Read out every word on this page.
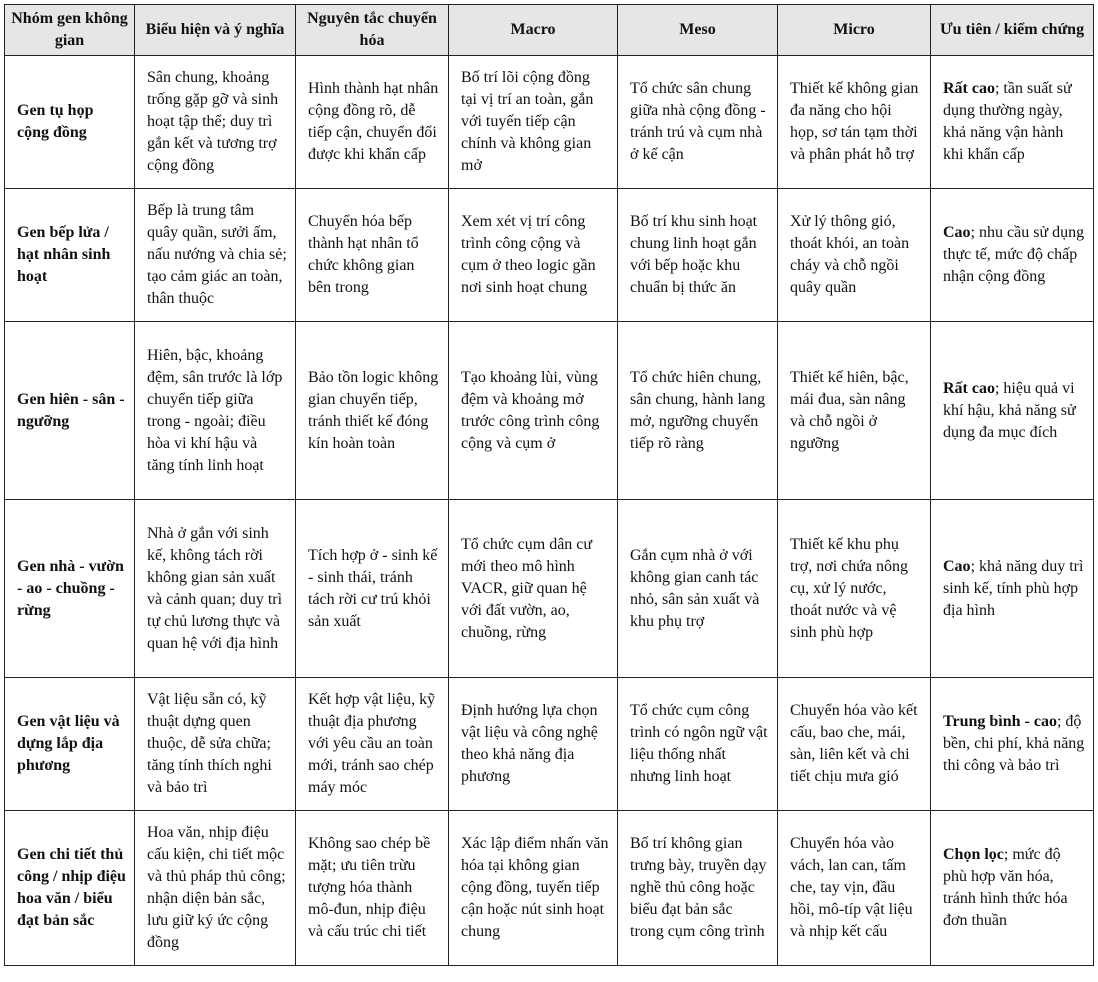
Nhóm gen không gian	Biểu hiện và ý nghĩa	Nguyên tắc chuyển hóa	Macro	Meso	Micro	Ưu tiên / kiểm chứng
Gen tụ họp cộng đồng	Sân chung, khoảng trống gặp gỡ và sinh hoạt tập thể; duy trì gắn kết và tương trợ cộng đồng	Hình thành hạt nhân cộng đồng rõ, dễ tiếp cận, chuyển đổi được khi khẩn cấp	Bố trí lõi cộng đồng tại vị trí an toàn, gắn với tuyến tiếp cận chính và không gian mở	Tổ chức sân chung giữa nhà cộng đồng - tránh trú và cụm nhà ở kế cận	Thiết kế không gian đa năng cho hội họp, sơ tán tạm thời và phân phát hỗ trợ	Rất cao; tần suất sử dụng thường ngày, khả năng vận hành khi khẩn cấp
Gen bếp lửa / hạt nhân sinh hoạt	Bếp là trung tâm quây quần, sưởi ấm, nấu nướng và chia sẻ; tạo cảm giác an toàn, thân thuộc	Chuyển hóa bếp thành hạt nhân tổ chức không gian bên trong	Xem xét vị trí công trình công cộng và cụm ở theo logic gần nơi sinh hoạt chung	Bố trí khu sinh hoạt chung linh hoạt gắn với bếp hoặc khu chuẩn bị thức ăn	Xử lý thông gió, thoát khói, an toàn cháy và chỗ ngồi quây quần	Cao; nhu cầu sử dụng thực tế, mức độ chấp nhận cộng đồng
Gen hiên - sân - ngưỡng	Hiên, bậc, khoảng đệm, sân trước là lớp chuyển tiếp giữa trong - ngoài; điều hòa vi khí hậu và tăng tính linh hoạt	Bảo tồn logic không gian chuyển tiếp, tránh thiết kế đóng kín hoàn toàn	Tạo khoảng lùi, vùng đệm và khoảng mở trước công trình công cộng và cụm ở	Tổ chức hiên chung, sân chung, hành lang mở, ngưỡng chuyển tiếp rõ ràng	Thiết kế hiên, bậc, mái đua, sàn nâng và chỗ ngồi ở ngưỡng	Rất cao; hiệu quả vi khí hậu, khả năng sử dụng đa mục đích
Gen nhà - vườn - ao - chuồng - rừng	Nhà ở gắn với sinh kế, không tách rời không gian sản xuất và cảnh quan; duy trì tự chủ lương thực và quan hệ với địa hình	Tích hợp ở - sinh kế - sinh thái, tránh tách rời cư trú khỏi sản xuất	Tổ chức cụm dân cư mới theo mô hình VACR, giữ quan hệ với đất vườn, ao, chuồng, rừng	Gắn cụm nhà ở với không gian canh tác nhỏ, sân sản xuất và khu phụ trợ	Thiết kế khu phụ trợ, nơi chứa nông cụ, xử lý nước, thoát nước và vệ sinh phù hợp	Cao; khả năng duy trì sinh kế, tính phù hợp địa hình
Gen vật liệu và dựng lắp địa phương	Vật liệu sẵn có, kỹ thuật dựng quen thuộc, dễ sửa chữa; tăng tính thích nghi và bảo trì	Kết hợp vật liệu, kỹ thuật địa phương với yêu cầu an toàn mới, tránh sao chép máy móc	Định hướng lựa chọn vật liệu và công nghệ theo khả năng địa phương	Tổ chức cụm công trình có ngôn ngữ vật liệu thống nhất nhưng linh hoạt	Chuyển hóa vào kết cấu, bao che, mái, sàn, liên kết và chi tiết chịu mưa gió	Trung bình - cao; độ bền, chi phí, khả năng thi công và bảo trì
Gen chi tiết thủ công / nhịp điệu hoa văn / biểu đạt bản sắc	Hoa văn, nhịp điệu cấu kiện, chi tiết mộc và thủ pháp thủ công; nhận diện bản sắc, lưu giữ ký ức cộng đồng	Không sao chép bề mặt; ưu tiên trừu tượng hóa thành mô-đun, nhịp điệu và cấu trúc chi tiết	Xác lập điểm nhấn văn hóa tại không gian cộng đồng, tuyến tiếp cận hoặc nút sinh hoạt chung	Bố trí không gian trưng bày, truyền dạy nghề thủ công hoặc biểu đạt bản sắc trong cụm công trình	Chuyển hóa vào vách, lan can, tấm che, tay vịn, đầu hồi, mô-típ vật liệu và nhịp kết cấu	Chọn lọc; mức độ phù hợp văn hóa, tránh hình thức hóa đơn thuần
